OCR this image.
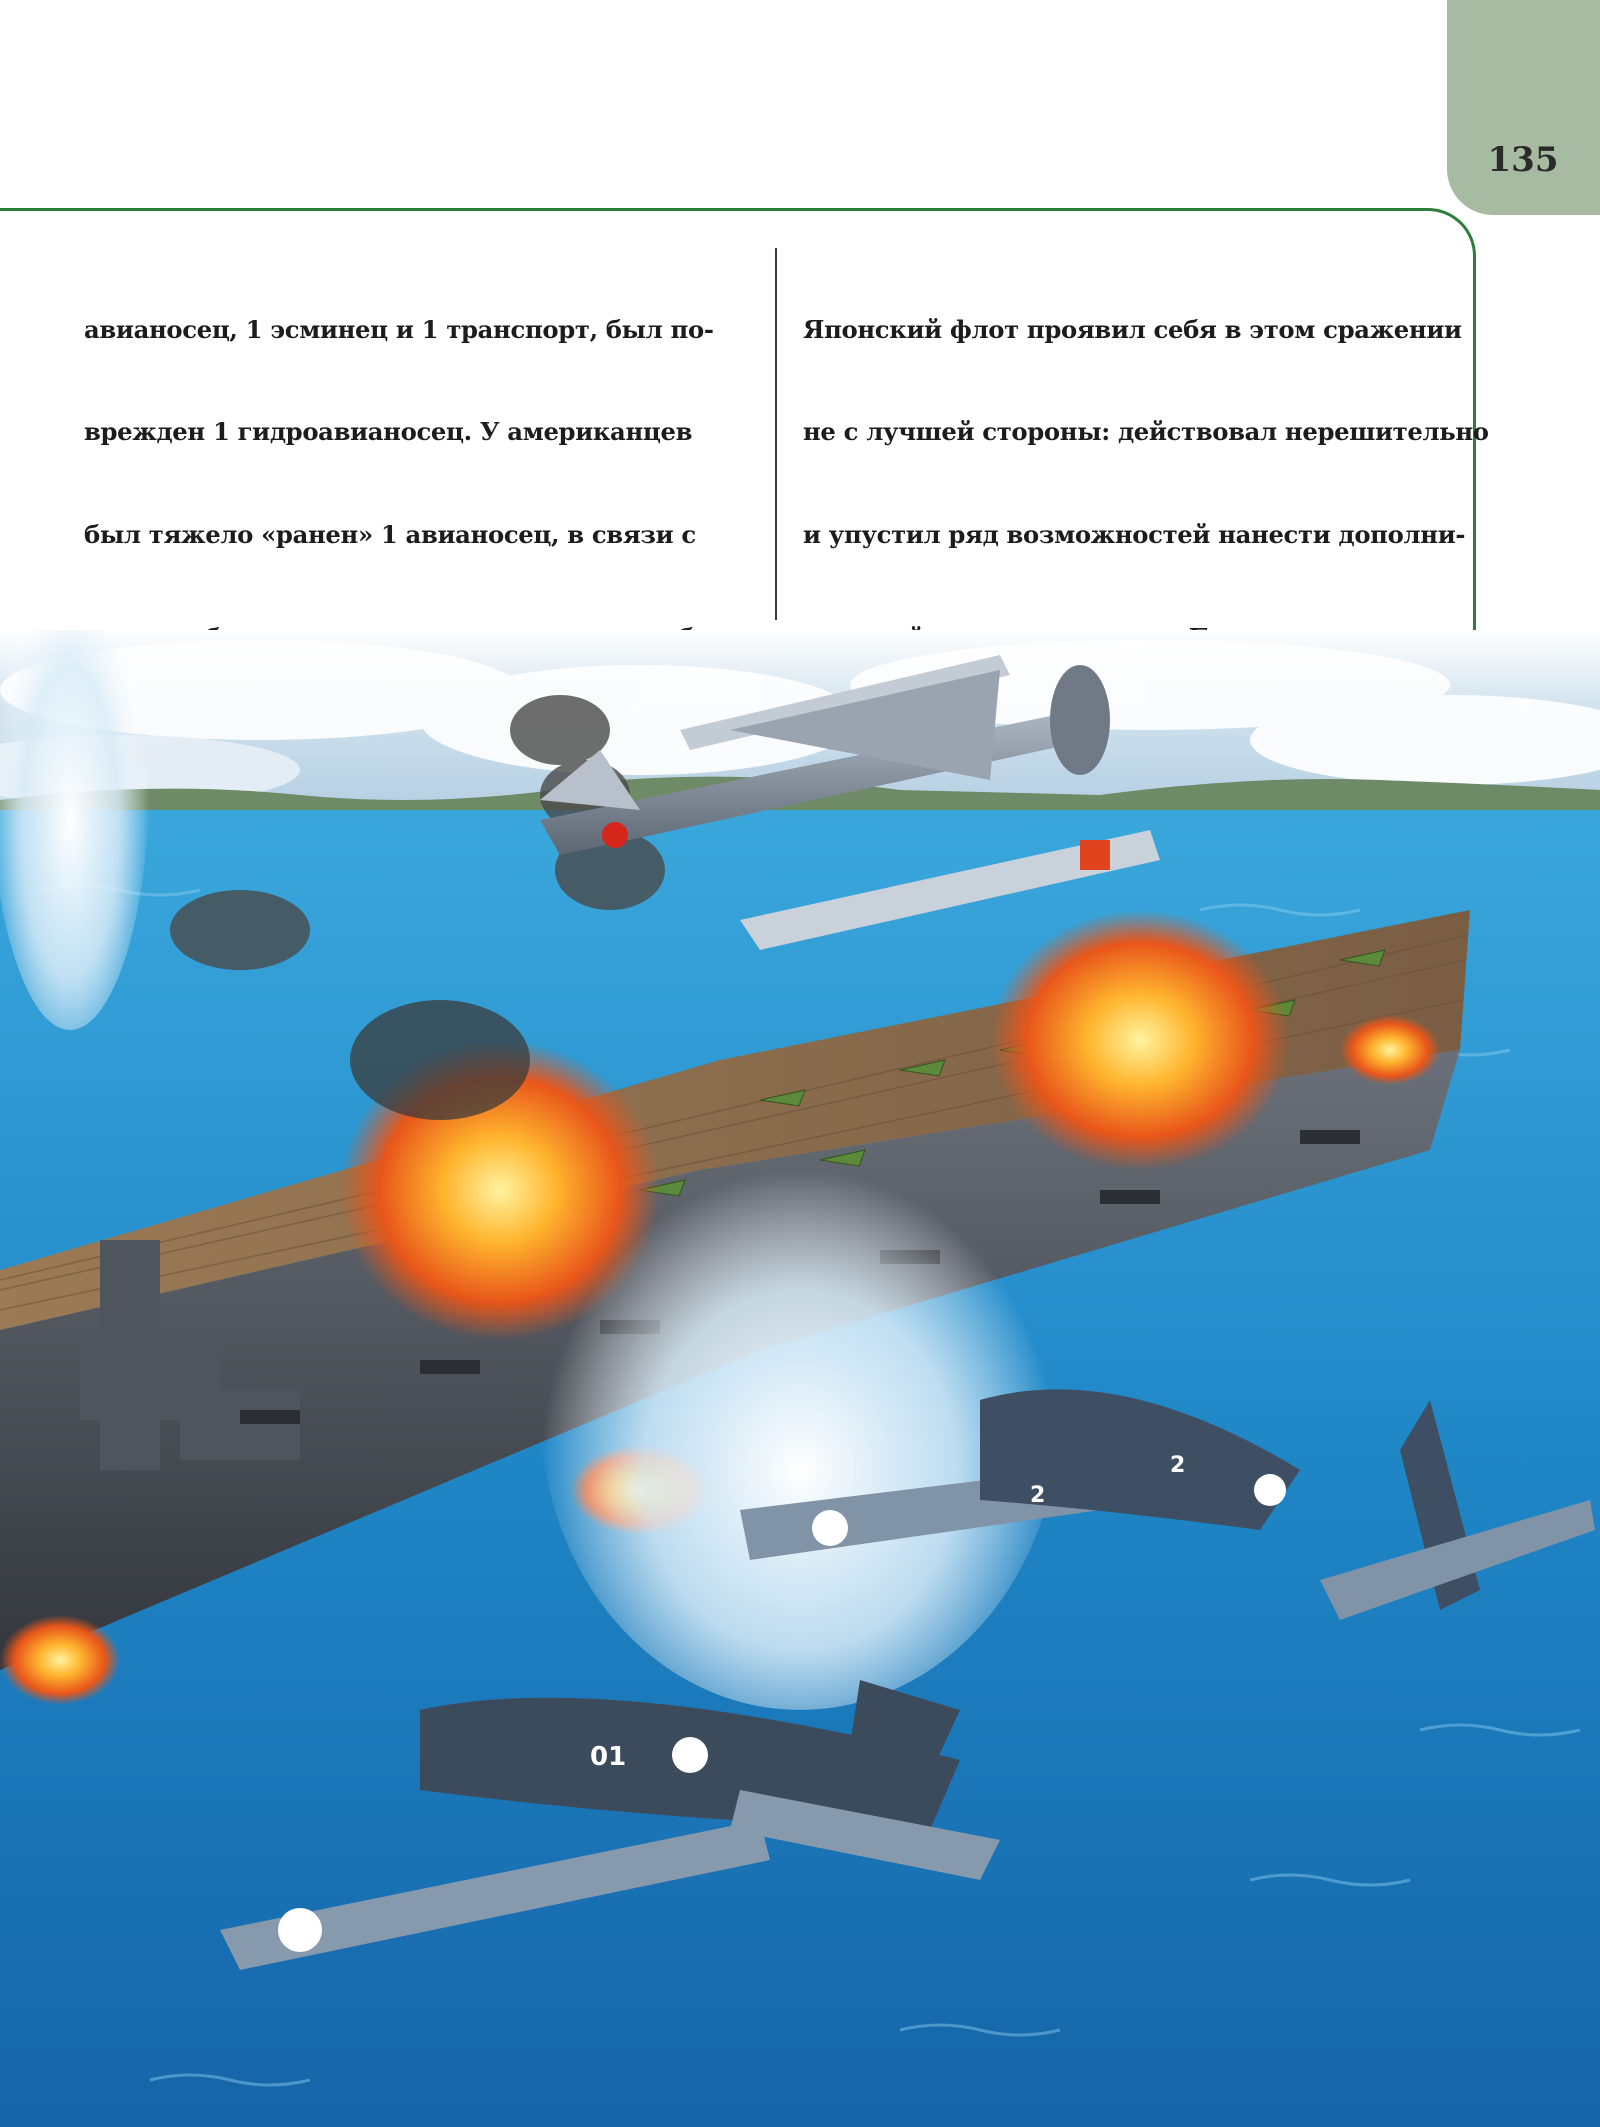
135

авианосец, 1 эсминец и 1 транспорт, был по-

врежден 1 гидроавианосец. У американцев

был тяжело «ранен» 1 авианосец, в связи с

Японский флот проявил себя в этом сражении

не с лучшей стороны: действовал нерешительно

и упустил ряд возможностей нанести дополни-

2
2
01
